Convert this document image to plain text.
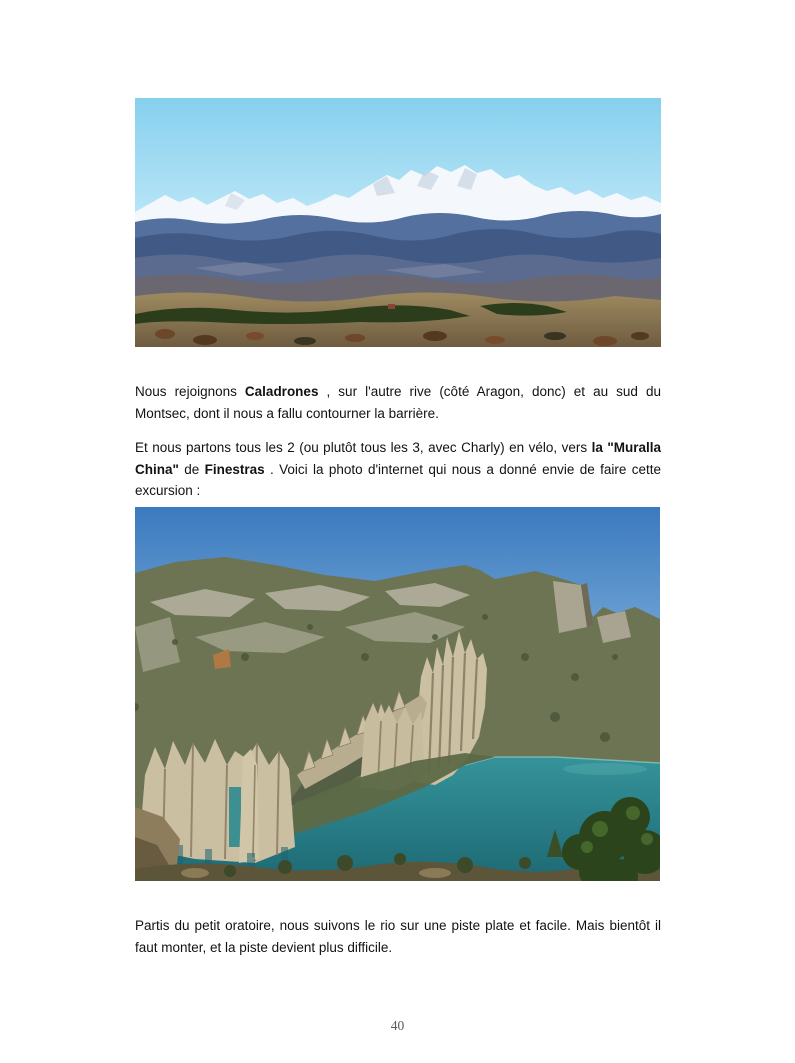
Nous rejoignons Caladrones , sur l'autre rive (côté Aragon, donc) et au sud du Montsec, dont il nous a fallu contourner la barrière.

Et nous partons tous les 2 (ou plutôt tous les 3, avec Charly) en vélo, vers la "Muralla China" de Finestras . Voici la photo d'internet qui nous a donné envie de faire cette excursion :

Partis du petit oratoire, nous suivons le rio sur une piste plate et facile. Mais bientôt il faut monter, et la piste devient plus difficile.

40
